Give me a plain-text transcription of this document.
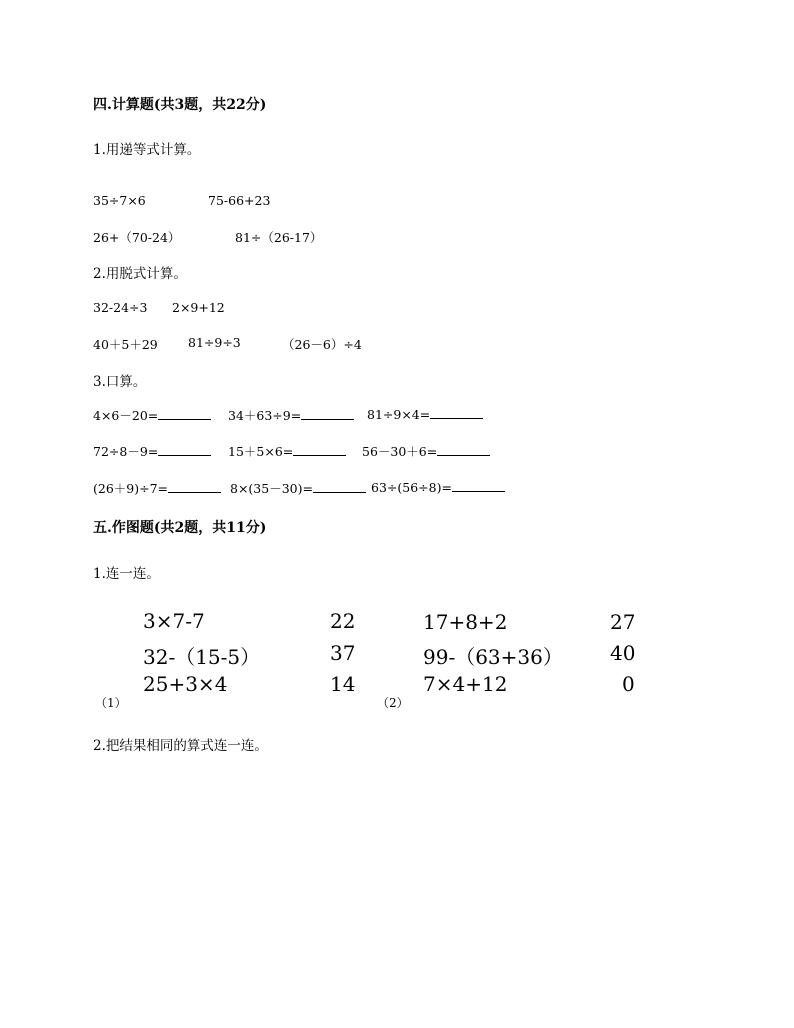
四.计算题(共3题，共22分)
1.用递等式计算。
35÷7×6	75-66+23
26+（70-24）	81÷（26-17）
2.用脱式计算。
32-24÷3 2×9+12
40＋5＋29 81÷9÷3	（26－6）÷4
3.口算。
4×6－20=	34＋63÷9=	81÷9×4=
72÷8－9=	15＋5×6=	56－30＋6=
(26＋9)÷7=	8×(35－30)=	63÷(56÷8)=
五.作图题(共2题，共11分)
1.连一连。
3×7-7
32-（15-5）
25+3×4
22
37
14
（1）
17+8+2
99-（63+36）
7×4+12
27
40
0
（2）
2.把结果相同的算式连一连。
